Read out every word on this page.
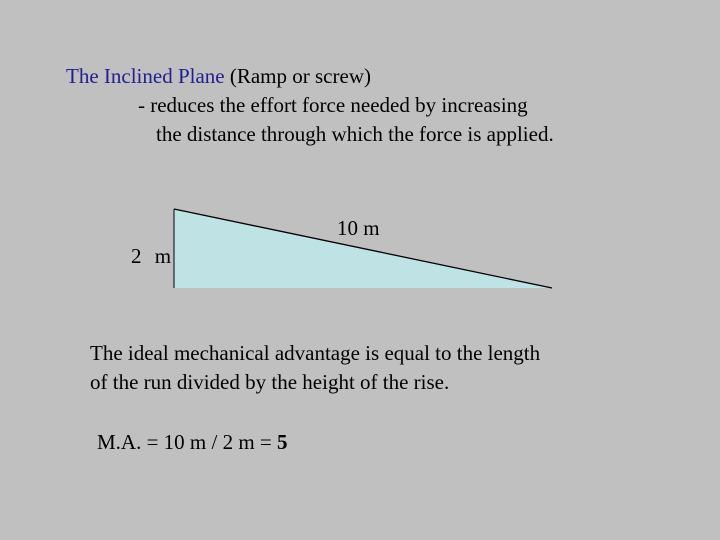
The Inclined Plane (Ramp or screw)
- reduces the effort force needed by increasing
the distance through which the force is applied.
2 m
10 m
The ideal mechanical advantage is equal to the length
of the run divided by the height of the rise.
M.A. = 10 m / 2 m = 5
